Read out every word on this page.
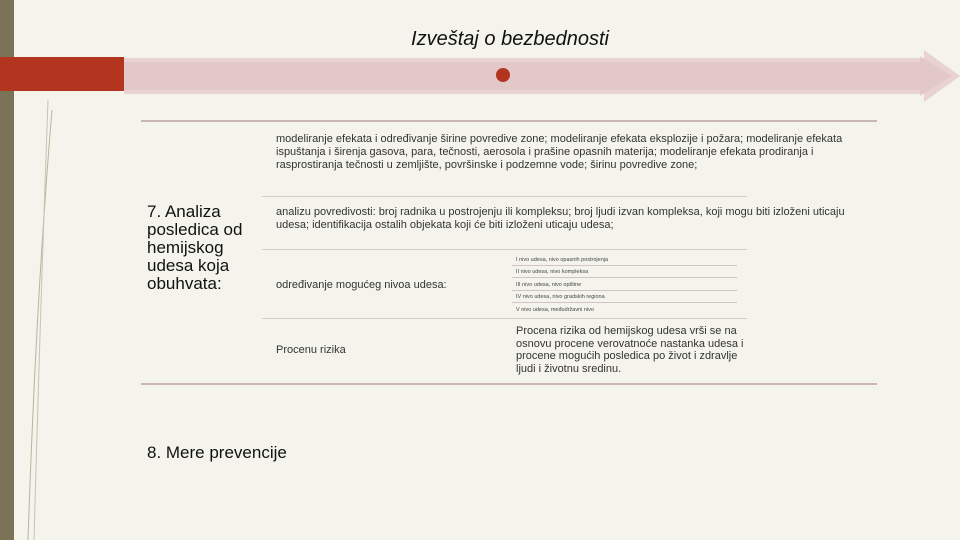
Izveštaj o bezbednosti
modeliranje efekata i određivanje širine povredive zone; modeliranje efekata eksplozije i požara; modeliranje efekata ispuštanja i širenja gasova, para, tečnosti, aerosola i prašine opasnih materija; modeliranje efekata prodiranja i rasprostiranja tečnosti u zemljište, površinske i podzemne vode; širinu povredive zone;
7. Analiza posledica od hemijskog udesa koja obuhvata:
analizu povredivosti: broj radnika u postrojenju ili kompleksu; broj ljudi izvan kompleksa, koji mogu biti izloženi uticaju udesa; identifikacija ostalih objekata koji će biti izloženi uticaju udesa;
određivanje mogućeg nivoa udesa:
I nivo udesa, nivo opasnih postrojenja
II nivo udesa, nivo kompleksa
III nivo udesa, nivo opštine
IV nivo udesa, nivo gradskih regiona
V nivo udesa, međudržavni nivo
Procenu rizika
Procena rizika od hemijskog udesa vrši se na osnovu procene verovatnoće nastanka udesa i procene mogućih posledica po život i zdravlje ljudi i životnu sredinu.
8. Mere prevencije
